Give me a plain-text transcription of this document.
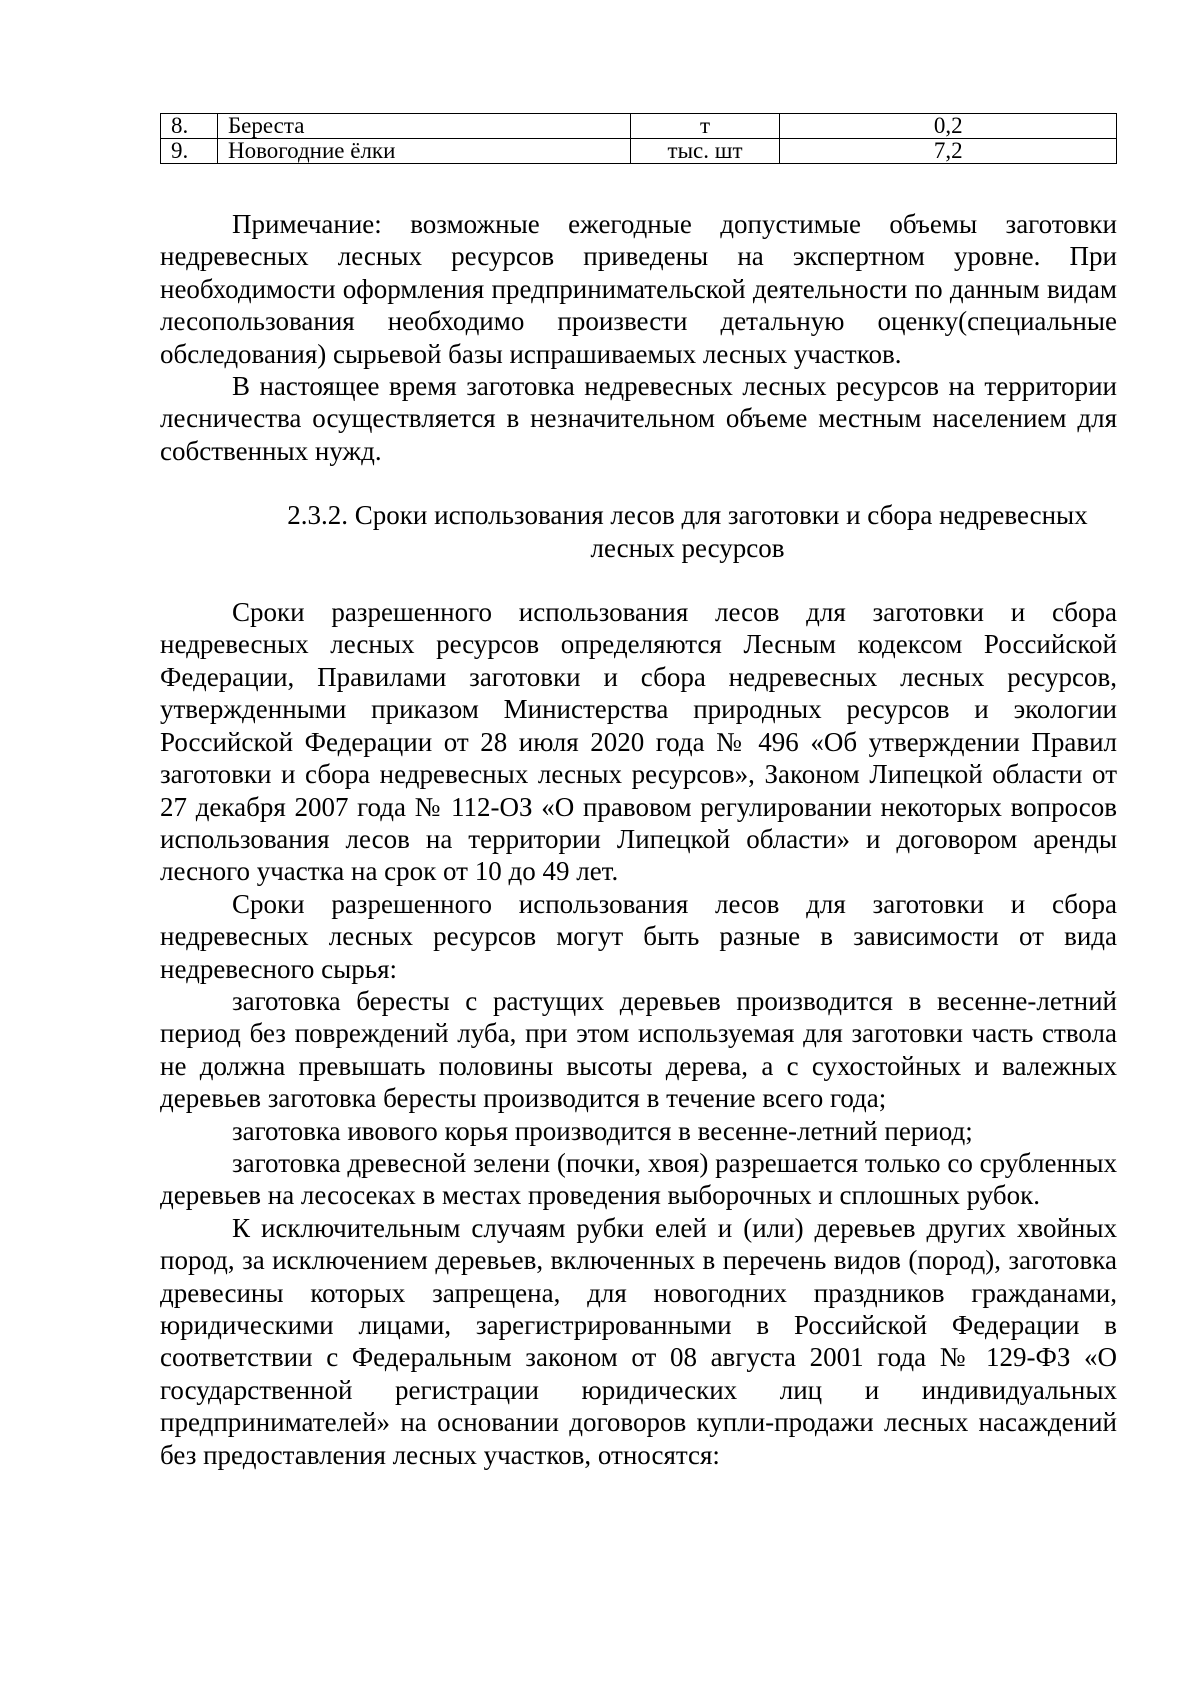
8.	Береста	т	0,2
9.	Новогодние ёлки	тыс. шт	7,2

Примечание: возможные ежегодные допустимые объемы заготовки недревесных лесных ресурсов приведены на экспертном уровне. При необходимости оформления предпринимательской деятельности по данным видам лесопользования необходимо произвести детальную оценку(специальные обследования) сырьевой базы испрашиваемых лесных участков.

В настоящее время заготовка недревесных лесных ресурсов на территории лесничества осуществляется в незначительном объеме местным населением для собственных нужд.

2.3.2. Сроки использования лесов для заготовки и сбора недревесных лесных ресурсов

Сроки разрешенного использования лесов для заготовки и сбора недревесных лесных ресурсов определяются Лесным кодексом Российской Федерации, Правилами заготовки и сбора недревесных лесных ресурсов, утвержденными приказом Министерства природных ресурсов и экологии Российской Федерации от 28 июля 2020 года № 496 «Об утверждении Правил заготовки и сбора недревесных лесных ресурсов», Законом Липецкой области от 27 декабря 2007 года № 112-ОЗ «О правовом регулировании некоторых вопросов использования лесов на территории Липецкой области» и договором аренды лесного участка на срок от 10 до 49 лет.

Сроки разрешенного использования лесов для заготовки и сбора недревесных лесных ресурсов могут быть разные в зависимости от вида недревесного сырья:

заготовка бересты с растущих деревьев производится в весенне-летний период без повреждений луба, при этом используемая для заготовки часть ствола не должна превышать половины высоты дерева, а с сухостойных и валежных деревьев заготовка бересты производится в течение всего года;

заготовка ивового корья производится в весенне-летний период;

заготовка древесной зелени (почки, хвоя) разрешается только со срубленных деревьев на лесосеках в местах проведения выборочных и сплошных рубок.

К исключительным случаям рубки елей и (или) деревьев других хвойных пород, за исключением деревьев, включенных в перечень видов (пород), заготовка древесины которых запрещена, для новогодних праздников гражданами, юридическими лицами, зарегистрированными в Российской Федерации в соответствии с Федеральным законом от 08 августа 2001 года № 129-ФЗ «О государственной регистрации юридических лиц и индивидуальных предпринимателей» на основании договоров купли-продажи лесных насаждений без предоставления лесных участков, относятся:
